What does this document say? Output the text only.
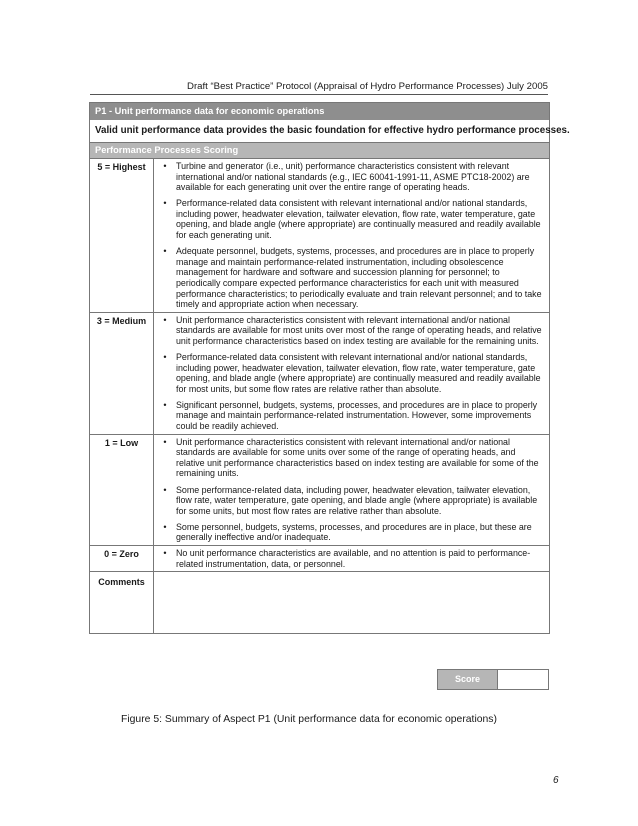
Draft “Best Practice” Protocol (Appraisal of Hydro Performance Processes) July 2005
P1 - Unit performance data for economic operations
Valid unit performance data provides the basic foundation for effective hydro performance processes.
Performance Processes Scoring
5 = Highest	•	Turbine and generator (i.e., unit) performance characteristics consistent with relevant international and/or national standards (e.g., IEC 60041-1991-11, ASME PTC18-2002) are available for each generating unit over the entire range of operating heads.
•	Performance-related data consistent with relevant international and/or national standards, including power, headwater elevation, tailwater elevation, flow rate, water temperature, gate opening, and blade angle (where appropriate) are continually measured and readily available for each generating unit.
•	Adequate personnel, budgets, systems, processes, and procedures are in place to properly manage and maintain performance-related instrumentation, including obsolescence management for hardware and software and succession planning for personnel; to periodically compare expected performance characteristics for each unit with measured performance characteristics; to periodically evaluate and train relevant personnel; and to take timely and appropriate action when necessary.
3 = Medium	•	Unit performance characteristics consistent with relevant international and/or national standards are available for most units over most of the range of operating heads, and relative unit performance characteristics based on index testing are available for the remaining units.
•	Performance-related data consistent with relevant international and/or national standards, including power, headwater elevation, tailwater elevation, flow rate, water temperature, gate opening, and blade angle (where appropriate) are continually measured and readily available for most units, but some flow rates are relative rather than absolute.
•	Significant personnel, budgets, systems, processes, and procedures are in place to properly manage and maintain performance-related instrumentation. However, some improvements could be readily achieved.
1 = Low	•	Unit performance characteristics consistent with relevant international and/or national standards are available for some units over some of the range of operating heads, and relative unit performance characteristics based on index testing are available for some of the remaining units.
•	Some performance-related data, including power, headwater elevation, tailwater elevation, flow rate, water temperature, gate opening, and blade angle (where appropriate) is available for some units, but most flow rates are relative rather than absolute.
•	Some personnel, budgets, systems, processes, and procedures are in place, but these are generally ineffective and/or inadequate.
0 = Zero	•	No unit performance characteristics are available, and no attention is paid to performance-related instrumentation, data, or personnel.
Comments
Score
Figure 5: Summary of Aspect P1 (Unit performance data for economic operations)
6
